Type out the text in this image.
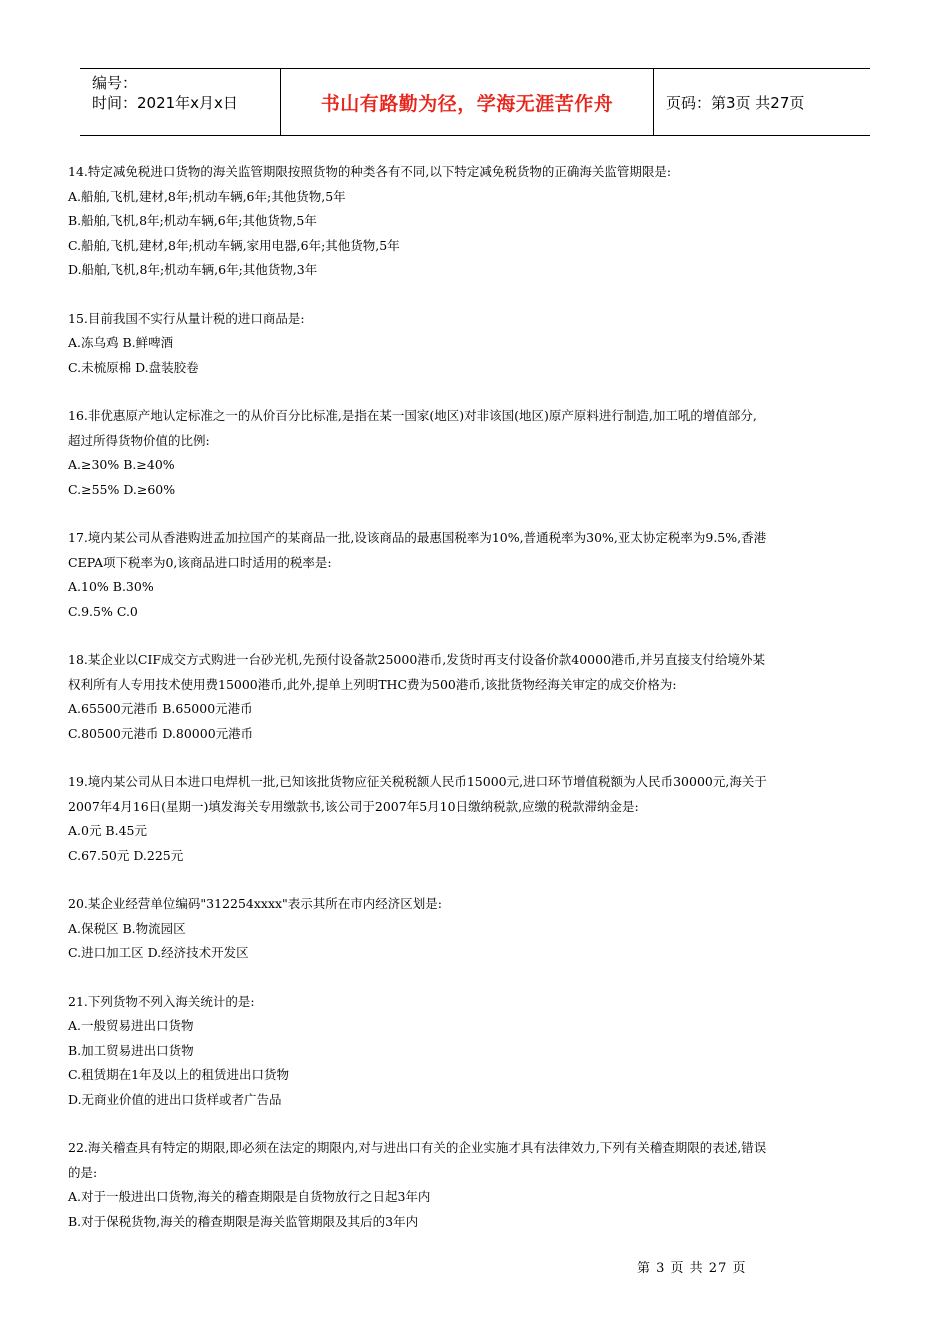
编号：
时间：2021年x月x日	书山有路勤为径，学海无涯苦作舟	页码：第3页 共27页

14.特定减免税进口货物的海关监管期限按照货物的种类各有不同,以下特定减免税货物的正确海关监管期限是:

A.船舶,飞机,建材,8年;机动车辆,6年;其他货物,5年

B.船舶,飞机,8年;机动车辆,6年;其他货物,5年

C.船舶,飞机,建材,8年;机动车辆,家用电器,6年;其他货物,5年

D.船舶,飞机,8年;机动车辆,6年;其他货物,3年

15.目前我国不实行从量计税的进口商品是:

A.冻乌鸡 B.鲜啤酒

C.未梳原棉 D.盘装胶卷

16.非优惠原产地认定标准之一的从价百分比标准,是指在某一国家(地区)对非该国(地区)原产原料进行制造,加工吼的增值部分,

超过所得货物价值的比例:

A.≥30% B.≥40%

C.≥55% D.≥60%

17.境内某公司从香港购进孟加拉国产的某商品一批,设该商品的最惠国税率为10%,普通税率为30%,亚太协定税率为9.5%,香港

CEPA项下税率为0,该商品进口时适用的税率是:

A.10% B.30%

C.9.5% C.0

18.某企业以CIF成交方式购进一台砂光机,先预付设备款25000港币,发货时再支付设备价款40000港币,并另直接支付给境外某

权利所有人专用技术使用费15000港币,此外,提单上列明THC费为500港币,该批货物经海关审定的成交价格为:

A.65500元港币 B.65000元港币

C.80500元港币 D.80000元港币

19.境内某公司从日本进口电焊机一批,已知该批货物应征关税税额人民币15000元,进口环节增值税额为人民币30000元,海关于

2007年4月16日(星期一)填发海关专用缴款书,该公司于2007年5月10日缴纳税款,应缴的税款滞纳金是:

A.0元 B.45元

C.67.50元 D.225元

20.某企业经营单位编码"312254xxxx"表示其所在市内经济区划是:

A.保税区 B.物流园区

C.进口加工区 D.经济技术开发区

21.下列货物不列入海关统计的是:

A.一般贸易进出口货物

B.加工贸易进出口货物

C.租赁期在1年及以上的租赁进出口货物

D.无商业价值的进出口货样或者广告品

22.海关稽查具有特定的期限,即必须在法定的期限内,对与进出口有关的企业实施才具有法律效力,下列有关稽查期限的表述,错误

的是:

A.对于一般进出口货物,海关的稽查期限是自货物放行之日起3年内

B.对于保税货物,海关的稽查期限是海关监管期限及其后的3年内

第 3 页 共 27 页
